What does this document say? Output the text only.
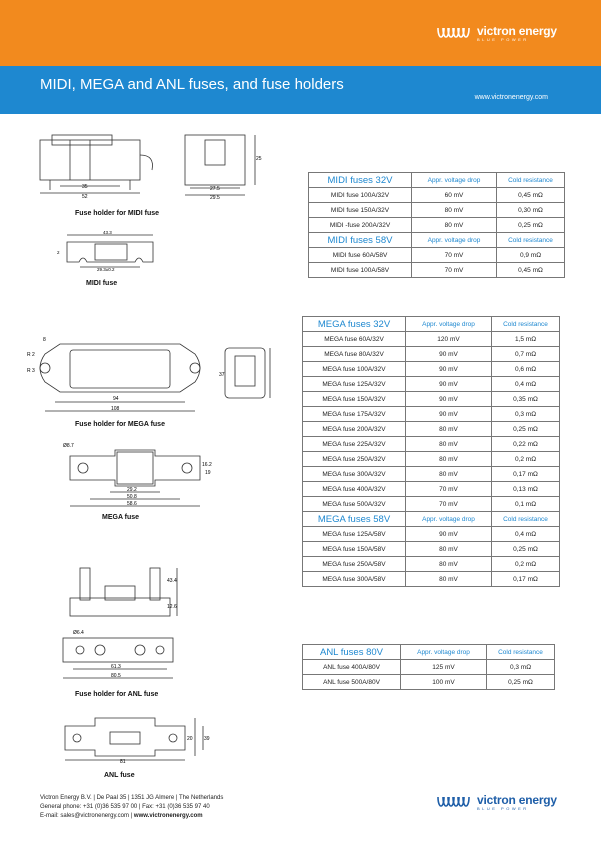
MIDI, MEGA and ANL fuses, and fuse holders
www.victronenergy.com
victron energy
BLUE POWER
35
52
25
27.5
29.5
Fuse holder for MIDI fuse
43.3
29.3±0.2
2
MIDI fuse
8
R 2
R 3
94
108
37
Fuse holder for MEGA fuse
Ø8.7
29.2
50.8
58.6
16.2
19
MEGA fuse
Ø6.4
61.3
80.5
43.4
12.6
Fuse holder for ANL fuse
81
20 39
ANL fuse
MIDI fuses 32V	Appr. voltage drop	Cold resistance
MIDI fuse 100A/32V	60 mV	0,45 mΩ
MIDI fuse 150A/32V	80 mV	0,30 mΩ
MIDI -fuse 200A/32V	80 mV	0,25 mΩ
MIDI fuses 58V	Appr. voltage drop	Cold resistance
MIDI fuse 60A/58V	70 mV	0,9 mΩ
MIDI fuse 100A/58V	70 mV	0,45 mΩ
MEGA fuses 32V	Appr. voltage drop	Cold resistance
MEGA fuse 60A/32V	120 mV	1,5 mΩ
MEGA fuse 80A/32V	90 mV	0,7 mΩ
MEGA fuse 100A/32V	90 mV	0,6 mΩ
MEGA fuse 125A/32V	90 mV	0,4 mΩ
MEGA fuse 150A/32V	90 mV	0,35 mΩ
MEGA fuse 175A/32V	90 mV	0,3 mΩ
MEGA fuse 200A/32V	80 mV	0,25 mΩ
MEGA fuse 225A/32V	80 mV	0,22 mΩ
MEGA fuse 250A/32V	80 mV	0,2 mΩ
MEGA fuse 300A/32V	80 mV	0,17 mΩ
MEGA fuse 400A/32V	70 mV	0,13 mΩ
MEGA fuse 500A/32V	70 mV	0,1 mΩ
MEGA fuses 58V	Appr. voltage drop	Cold resistance
MEGA fuse 125A/58V	90 mV	0,4 mΩ
MEGA fuse 150A/58V	80 mV	0,25 mΩ
MEGA fuse 250A/58V	80 mV	0,2 mΩ
MEGA fuse 300A/58V	80 mV	0,17 mΩ
ANL fuses 80V	Appr. voltage drop	Cold resistance
ANL fuse 400A/80V	125 mV	0,3 mΩ
ANL fuse 500A/80V	100 mV	0,25 mΩ
Victron Energy B.V. | De Paal 35 | 1351 JG Almere | The Netherlands
General phone: +31 (0)36 535 97 00 | Fax: +31 (0)36 535 97 40
E-mail: sales@victronenergy.com | www.victronenergy.com
victron energy
BLUE POWER
